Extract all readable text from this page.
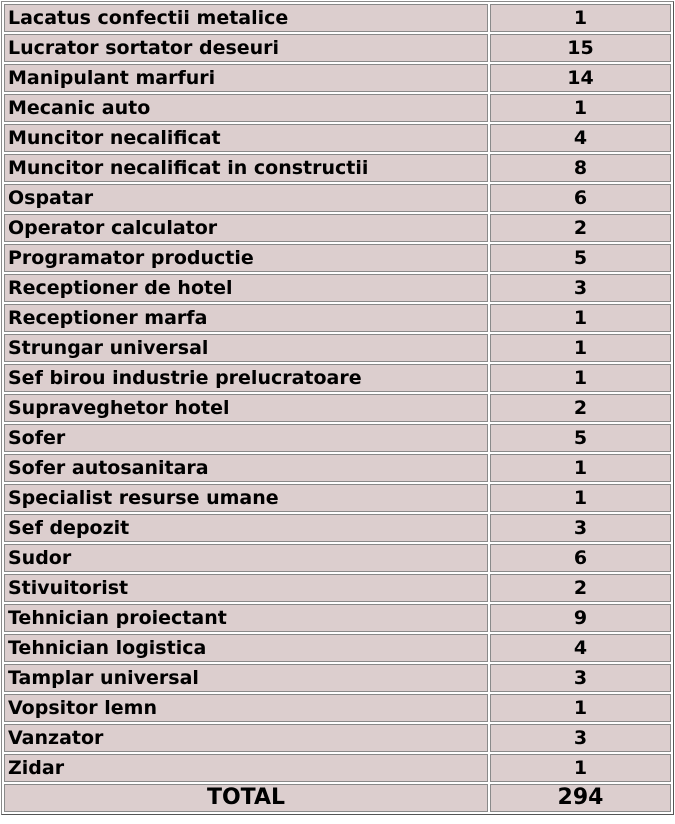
Lacatus confectii metalice	1
Lucrator sortator deseuri	15
Manipulant marfuri	14
Mecanic auto	1
Muncitor necalificat	4
Muncitor necalificat in constructii	8
Ospatar	6
Operator calculator	2
Programator productie	5
Receptioner de hotel	3
Receptioner marfa	1
Strungar universal	1
Sef birou industrie prelucratoare	1
Supraveghetor hotel	2
Sofer	5
Sofer autosanitara	1
Specialist resurse umane	1
Sef depozit	3
Sudor	6
Stivuitorist	2
Tehnician proiectant	9
Tehnician logistica	4
Tamplar universal	3
Vopsitor lemn	1
Vanzator	3
Zidar	1
TOTAL	294
